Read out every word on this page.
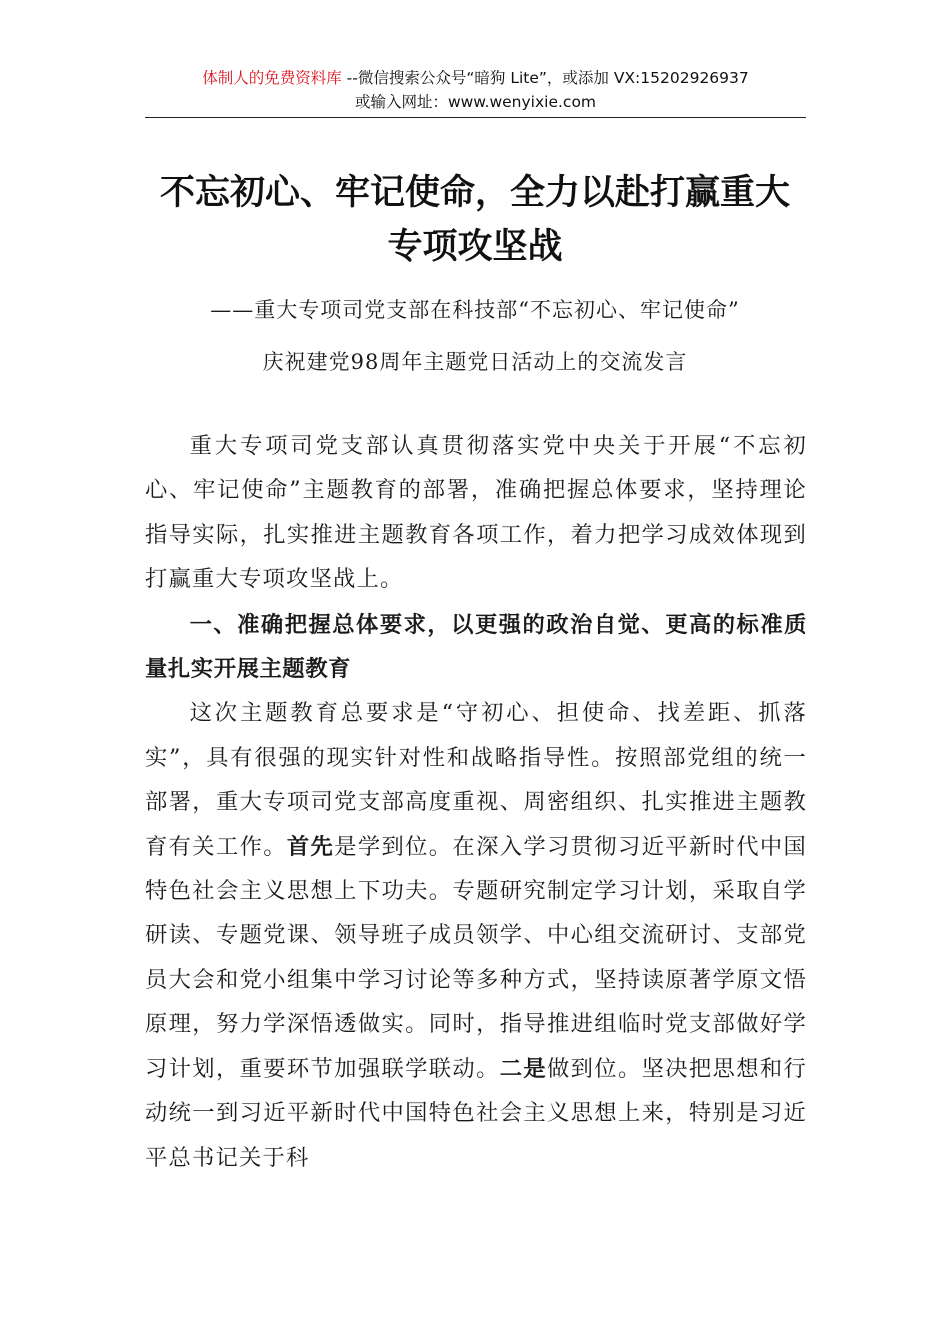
体制人的免费资料库 --微信搜索公众号“暗狗 Lite”，或添加 VX:15202926937
或输入网址：www.wenyixie.com
不忘初心、牢记使命，全力以赴打赢重大
专项攻坚战
——重大专项司党支部在科技部“不忘初心、牢记使命”
庆祝建党98周年主题党日活动上的交流发言

重大专项司党支部认真贯彻落实党中央关于开展“不忘初心、牢记使命”主题教育的部署，准确把握总体要求，坚持理论指导实际，扎实推进主题教育各项工作，着力把学习成效体现到打赢重大专项攻坚战上。

一、准确把握总体要求，以更强的政治自觉、更高的标准质量扎实开展主题教育

这次主题教育总要求是“守初心、担使命、找差距、抓落实”，具有很强的现实针对性和战略指导性。按照部党组的统一部署，重大专项司党支部高度重视、周密组织、扎实推进主题教育有关工作。首先是学到位。在深入学习贯彻习近平新时代中国特色社会主义思想上下功夫。专题研究制定学习计划，采取自学研读、专题党课、领导班子成员领学、中心组交流研讨、支部党员大会和党小组集中学习讨论等多种方式，坚持读原著学原文悟原理，努力学深悟透做实。同时，指导推进组临时党支部做好学习计划，重要环节加强联学联动。二是做到位。坚决把思想和行动统一到习近平新时代中国特色社会主义思想上来，特别是习近平总书记关于科
